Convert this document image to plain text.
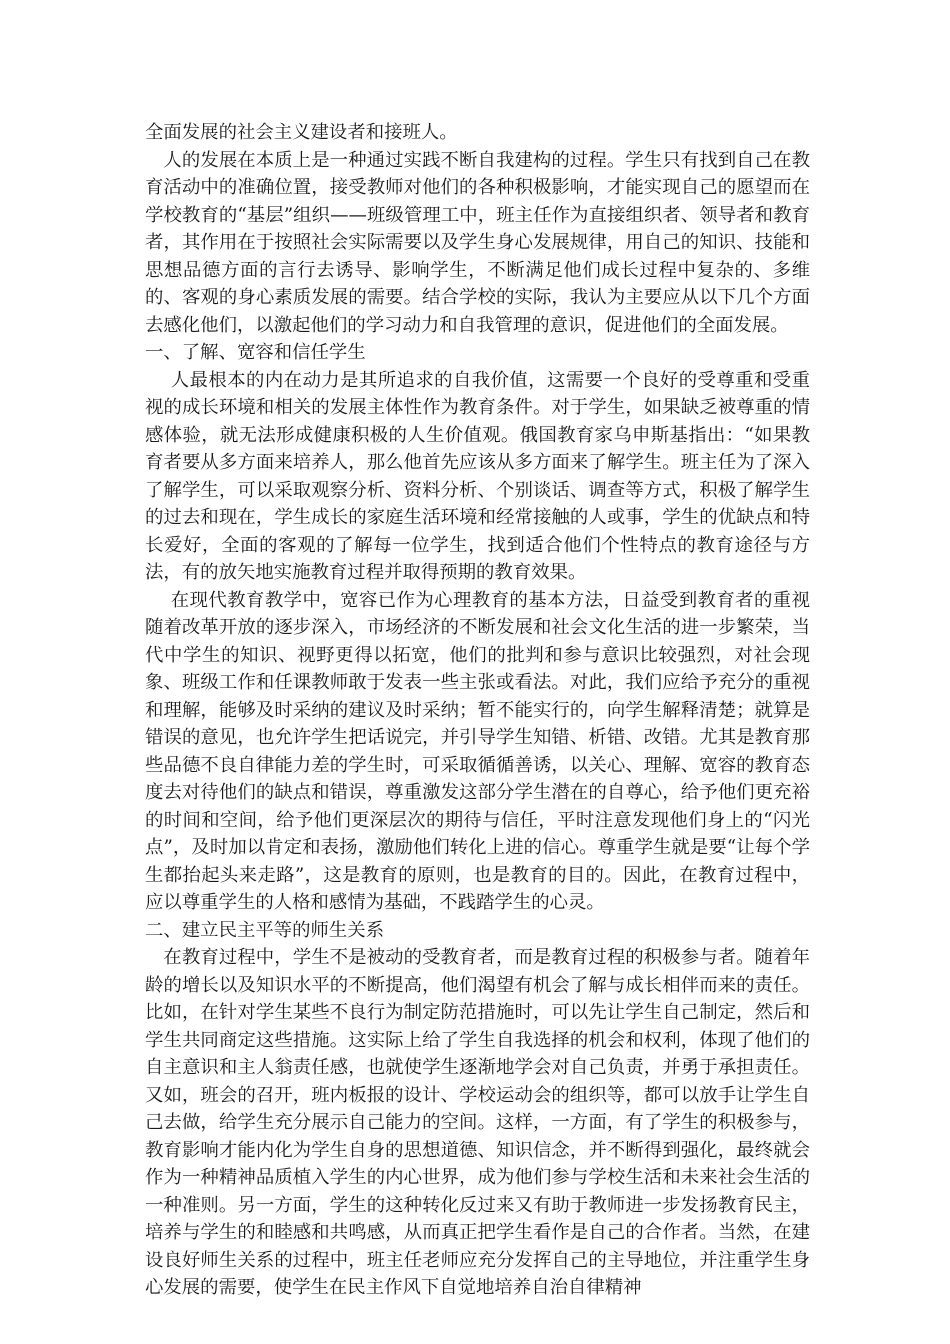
全面发展的社会主义建设者和接班人。

人的发展在本质上是一种通过实践不断自我建构的过程。学生只有找到自己在教育活动中的准确位置，接受教师对他们的各种积极影响，才能实现自己的愿望而在学校教育的“基层”组织——班级管理工中，班主任作为直接组织者、领导者和教育者，其作用在于按照社会实际需要以及学生身心发展规律，用自己的知识、技能和思想品德方面的言行去诱导、影响学生，不断满足他们成长过程中复杂的、多维的、客观的身心素质发展的需要。结合学校的实际，我认为主要应从以下几个方面去感化他们，以激起他们的学习动力和自我管理的意识，促进他们的全面发展。

一、了解、宽容和信任学生

人最根本的内在动力是其所追求的自我价值，这需要一个良好的受尊重和受重视的成长环境和相关的发展主体性作为教育条件。对于学生，如果缺乏被尊重的情感体验，就无法形成健康积极的人生价值观。俄国教育家乌申斯基指出：“如果教育者要从多方面来培养人，那么他首先应该从多方面来了解学生。班主任为了深入了解学生，可以采取观察分析、资料分析、个别谈话、调查等方式，积极了解学生的过去和现在，学生成长的家庭生活环境和经常接触的人或事，学生的优缺点和特长爱好，全面的客观的了解每一位学生，找到适合他们个性特点的教育途径与方法，有的放矢地实施教育过程并取得预期的教育效果。

在现代教育教学中，宽容已作为心理教育的基本方法，日益受到教育者的重视随着改革开放的逐步深入，市场经济的不断发展和社会文化生活的进一步繁荣，当代中学生的知识、视野更得以拓宽，他们的批判和参与意识比较强烈，对社会现象、班级工作和任课教师敢于发表一些主张或看法。对此，我们应给予充分的重视和理解，能够及时采纳的建议及时采纳；暂不能实行的，向学生解释清楚；就算是错误的意见，也允许学生把话说完，并引导学生知错、析错、改错。尤其是教育那些品德不良自律能力差的学生时，可采取循循善诱，以关心、理解、宽容的教育态度去对待他们的缺点和错误，尊重激发这部分学生潜在的自尊心，给予他们更充裕的时间和空间，给予他们更深层次的期待与信任，平时注意发现他们身上的“闪光点”，及时加以肯定和表扬，激励他们转化上进的信心。尊重学生就是要“让每个学生都抬起头来走路”，这是教育的原则，也是教育的目的。因此，在教育过程中，应以尊重学生的人格和感情为基础，不践踏学生的心灵。

二、建立民主平等的师生关系

在教育过程中，学生不是被动的受教育者，而是教育过程的积极参与者。随着年龄的增长以及知识水平的不断提高，他们渴望有机会了解与成长相伴而来的责任。比如，在针对学生某些不良行为制定防范措施时，可以先让学生自己制定，然后和学生共同商定这些措施。这实际上给了学生自我选择的机会和权利，体现了他们的自主意识和主人翁责任感，也就使学生逐渐地学会对自己负责，并勇于承担责任。又如，班会的召开，班内板报的设计、学校运动会的组织等，都可以放手让学生自己去做，给学生充分展示自己能力的空间。这样，一方面，有了学生的积极参与，教育影响才能内化为学生自身的思想道德、知识信念，并不断得到强化，最终就会作为一种精神品质植入学生的内心世界，成为他们参与学校生活和未来社会生活的一种准则。另一方面，学生的这种转化反过来又有助于教师进一步发扬教育民主，培养与学生的和睦感和共鸣感，从而真正把学生看作是自己的合作者。当然，在建设良好师生关系的过程中，班主任老师应充分发挥自己的主导地位，并注重学生身心发展的需要，使学生在民主作风下自觉地培养自治自律精神
